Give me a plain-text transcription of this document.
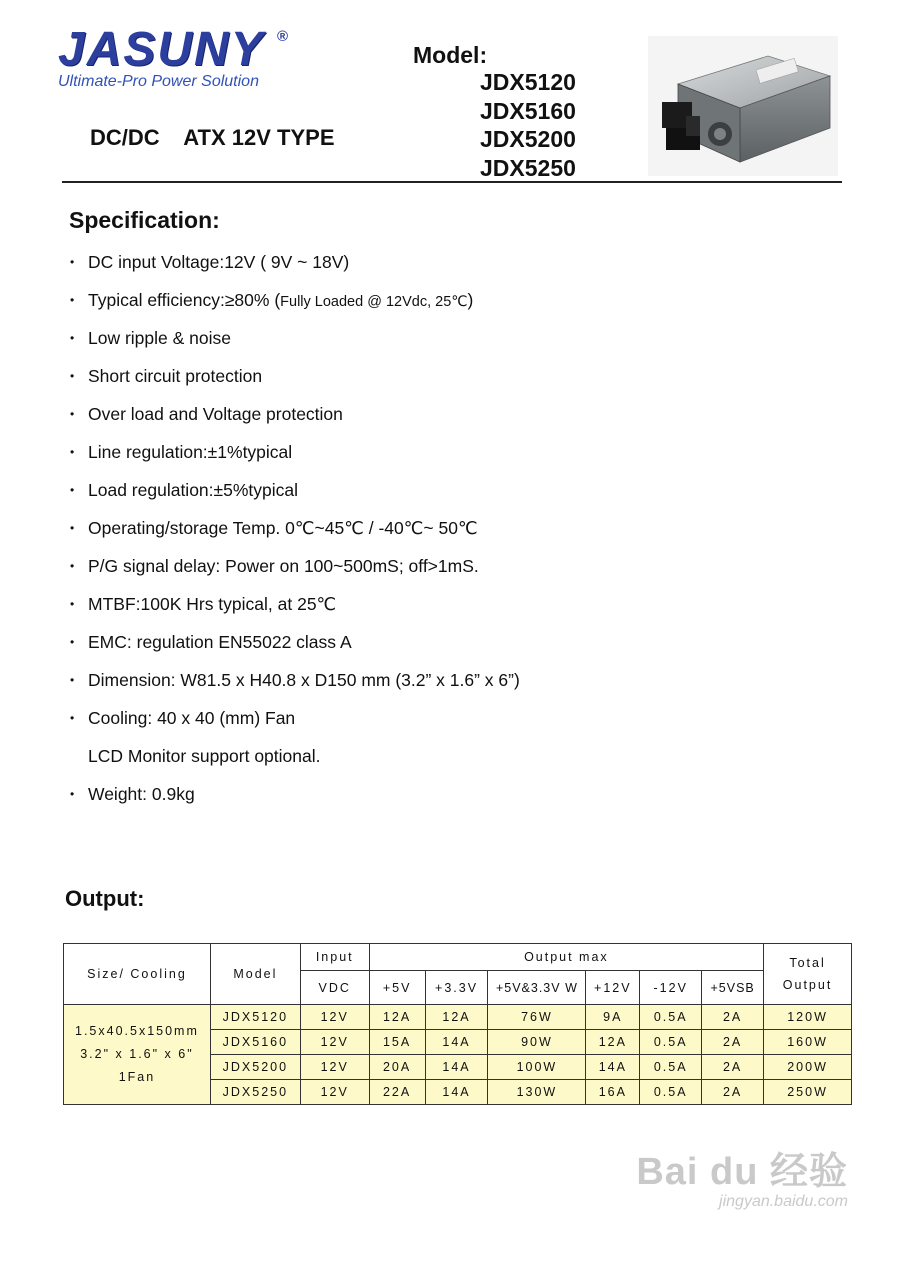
JASUNY ®
Ultimate-Pro Power Solution
DC/DC    ATX 12V TYPE
Model:
JDX5120
JDX5160
JDX5200
JDX5250
Specification:
• DC input Voltage:12V ( 9V ~ 18V)
• Typical efficiency:≥80% (Fully Loaded @ 12Vdc, 25℃)
• Low ripple & noise
• Short circuit protection
• Over load and Voltage protection
• Line regulation:±1%typical
• Load regulation:±5%typical
• Operating/storage Temp. 0℃~45℃ / -40℃~ 50℃
• P/G signal delay: Power on 100~500mS; off>1mS.
• MTBF:100K Hrs typical, at 25℃
• EMC: regulation EN55022 class A
• Dimension: W81.5 x H40.8 x D150 mm (3.2” x 1.6” x 6”)
• Cooling: 40 x 40 (mm) Fan
LCD Monitor support optional.
• Weight: 0.9kg
Output:
Size/ Cooling	Model	Input	Output max						Total
Output
		VDC	+5V	+3.3V	+5V&3.3V W	+12V	-12V	+5VSB	
1.5x40.5x150mm
3.2" x 1.6" x 6"
1Fan	JDX5120	12V	12A	12A	76W	9A	0.5A	2A	120W
	JDX5160	12V	15A	14A	90W	12A	0.5A	2A	160W
	JDX5200	12V	20A	14A	100W	14A	0.5A	2A	200W
	JDX5250	12V	22A	14A	130W	16A	0.5A	2A	250W
Bai du 经验
jingyan.baidu.com
